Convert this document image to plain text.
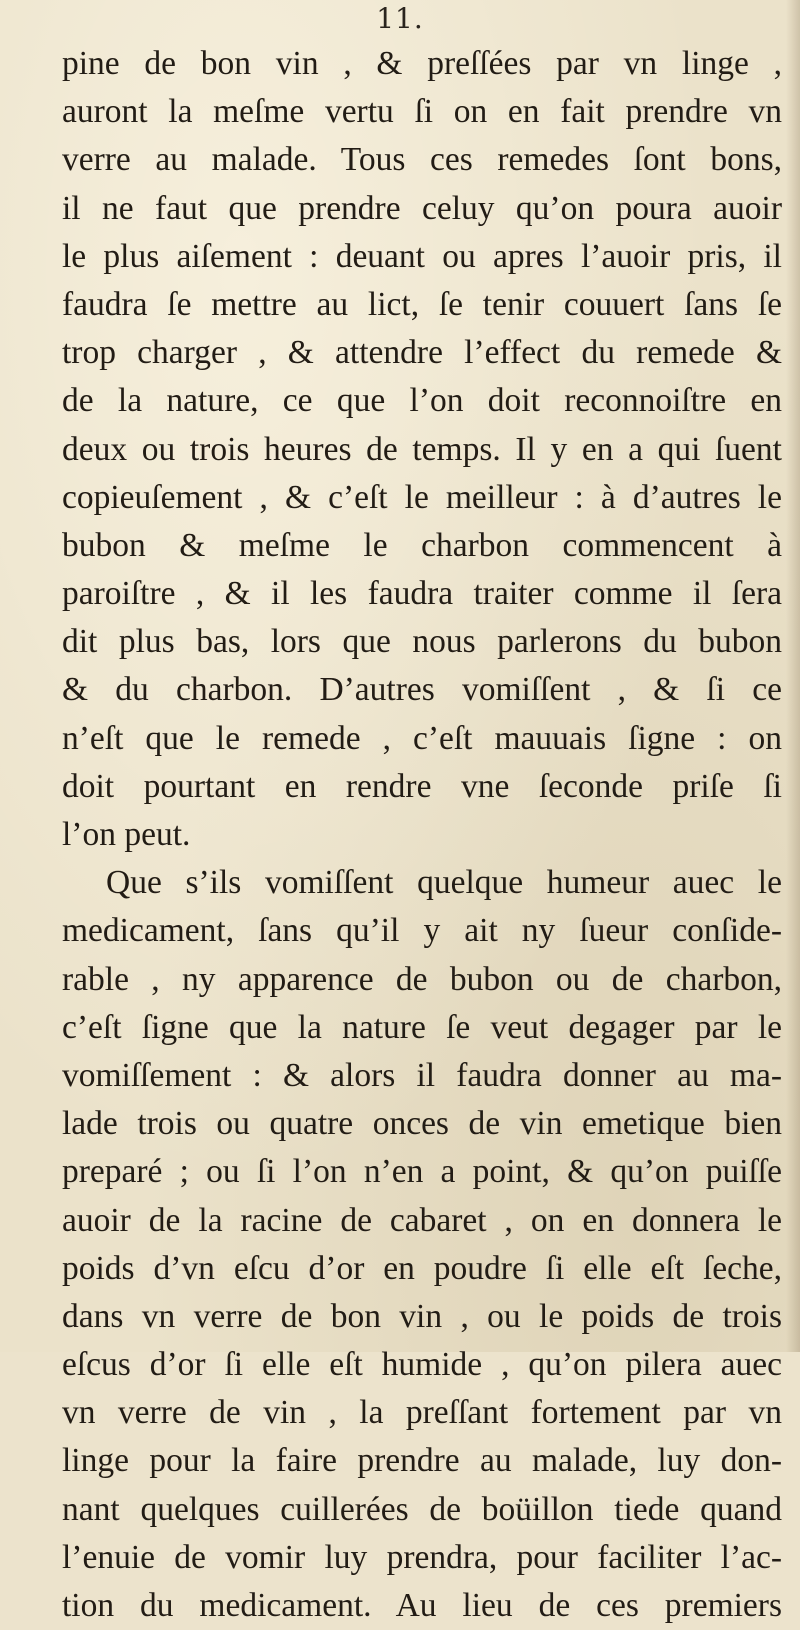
11.

pine de bon vin , & preſſées par vn linge ,
auront la meſme vertu ſi on en fait prendre vn
verre au malade. Tous ces remedes ſont bons,
il ne faut que prendre celuy qu’on poura auoir
le plus aiſement : deuant ou apres l’auoir pris, il
faudra ſe mettre au lict, ſe tenir couuert ſans ſe
trop charger , & attendre l’effect du remede &
de la nature, ce que l’on doit reconnoiſtre en
deux ou trois heures de temps. Il y en a qui ſuent
copieuſement , & c’eſt le meilleur : à d’autres le
bubon & meſme le charbon commencent à
paroiſtre , & il les faudra traiter comme il ſera
dit plus bas, lors que nous parlerons du bubon
& du charbon. D’autres vomiſſent , & ſi ce
n’eſt que le remede , c’eſt mauuais ſigne : on
doit pourtant en rendre vne ſeconde priſe ſi
l’on peut.
Que s’ils vomiſſent quelque humeur auec le
medicament, ſans qu’il y ait ny ſueur conſide-
rable , ny apparence de bubon ou de charbon,
c’eſt ſigne que la nature ſe veut degager par le
vomiſſement : & alors il faudra donner au ma-
lade trois ou quatre onces de vin emetique bien
preparé ; ou ſi l’on n’en a point, & qu’on puiſſe
auoir de la racine de cabaret , on en donnera le
poids d’vn eſcu d’or en poudre ſi elle eſt ſeche,
dans vn verre de bon vin , ou le poids de trois
eſcus d’or ſi elle eſt humide , qu’on pilera auec
vn verre de vin , la preſſant fortement par vn
linge pour la faire prendre au malade, luy don-
nant quelques cuillerées de boüillon tiede quand
l’enuie de vomir luy prendra, pour faciliter l’ac-
tion du medicament. Au lieu de ces premiers
